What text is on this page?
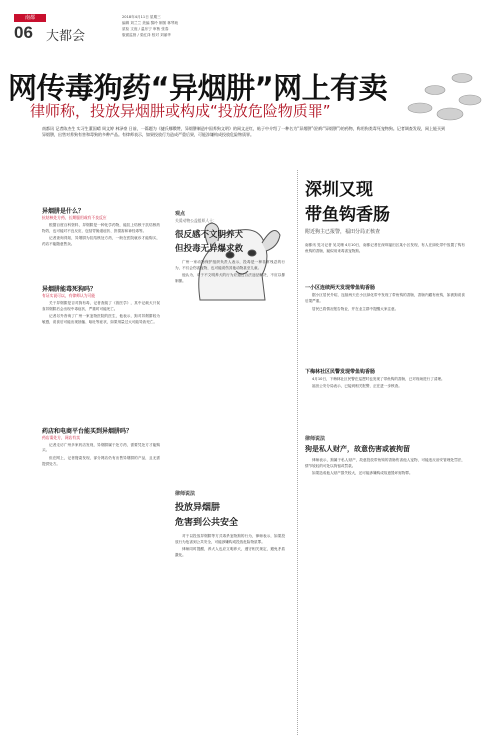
南都
06 大都会
2018年4月11日 星期三
编辑 刘兰兰 美编 黎玲 制图 林琴琅
质检 文庭 / 温东宁 审核 张春
版面监督 / 梁红泽 校对 刘丽华
网传毒狗药“异烟肼”网上有卖
律师称，投放异烟肼或构成“投放危险物质罪”
南都讯 记者陈杰生 实习生董国晴 周文婷 林泽豪 日前，一篇题为《捷氏哪俄赞，异烟肼制造中国养狗文明》的网文走红，帖子中介绍了一种名为“异烟肼”(俗称“异烟肼”)的药物，称用狗类毒死宠物狗。记者调查发现，网上能买到异烟肼，出售对养狗有害和毒狗的多种产品。有律师表示，如果投放行为造成严重后果，可能涉嫌构成投放危险物质罪。
异烟肼是什么？
抗结核处方药，长期服用或有不良反应

根据百度百科资料，异烟肼是一种化学药物，能抗上结核于抗结核药物效，也可能对不良反应，包括胃肠道症状、肝损害和神经毒等。

记者查询得知，异烟肼为抗结核处方药，一般在医院就诊才能购买，药店不能随意售卖。

异烟肼能毒死狗吗？
有证实说可以，有律师认为可能

关于异烟肼是否对狗有毒，记者查阅了《兽医学》，其中记载犬只误食异烟肼后会出现中毒症状，严重时可能死亡。

记者另外咨询了广州一家宠物医院的医生，他表示，狗对异烟肼较为敏感，误食后可能出现抽搐、呕吐等症状，如果剂量过大可能导致死亡。

药店和电商平台能买到异烟肼吗？
药店需处方，网店有卖

记者走访广州多家药店发现，异烟肼属于处方药，需要凭处方才能购买。

但在网上，记者搜索发现，部分网店仍有出售异烟肼的产品，且无需提供处方。

观点
关爱动物公益组织人士：
很反感不文明养犬
但投毒无异爆求救

广州一家动物保护组织负责人表示，投毒是一种非常残忍的行为，不仅会伤害宠物，也可能误伤其他动物甚至儿童。

他认为，对于不文明养犬的行为应通过合法途径解决，不应以暴制暴。

律师说法
投放异烟肼
危害到公共安全

对于以投放异烟肼等方式毒杀宠物狗的行为，律师表示，如果投放行为危害到公共安全，可能涉嫌构成投放危险物质罪。

律师同时提醒，养犬人也应文明养犬，遵守相关规定，避免矛盾激化。

深圳又现
带鱼钩香肠
附近狗主已报警，福田分局正核查
南都讯 见习记者 吴灵珊 4月10日，南都记者在深圳福田区某小区发现，有人在绿化带中放置了钩有鱼钩的香肠，疑似用来毒害宠物狗。
一小区连续两天发现带鱼钩香肠

据小区居民介绍，连续两天在小区绿化带中发现了带鱼钩的香肠，香肠内藏有鱼钩，如被狗误食后果严重。

居民已将情况报告物业，并在业主群中提醒大家注意。

下梅林社区民警发现带鱼钩香肠

4月10日，下梅林社区民警在巡逻时也发现了带鱼钩的香肠，已对现场进行了清理。

福田公安分局表示，已接到相关报警，正在进一步核查。

律师说法
狗是私人财产，故意伤害或被拘留

律师表示，狗属于私人财产，故意投放带鱼钩的香肠伤害他人宠物，可能违反治安管理处罚法，情节较轻的可处以拘留或罚款。

如果造成他人财产损失较大，还可能涉嫌构成故意毁坏财物罪。
